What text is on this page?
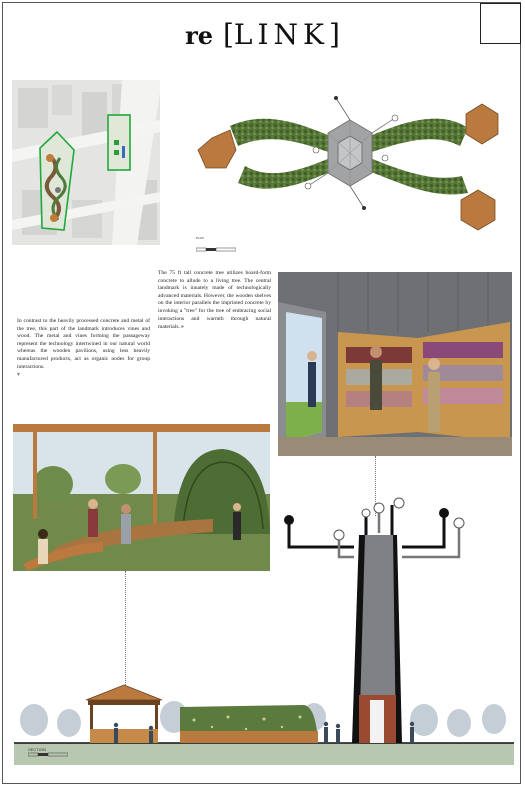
re [LINK]
PLAN
In contrast to the heavily processed concrete and metal of the tree, this part of the landmark introduces vines and wood. The metal and vines forming the passageway represent the technology intertwined in our natural world whereas the wooden pavilions, using less heavily manufactured products, act as organic nodes for group interactions.
▾
The 75 ft tall concrete tree utilizes board-form concrete to allude to a living tree. The central landmark is innately made of technologically advanced materials. However, the wooden shelves on the interior parallels the imprinted concrete by invoking a "tree" for the tree of embracing social interactions and warmth through natural materials. ▸
SECTION
